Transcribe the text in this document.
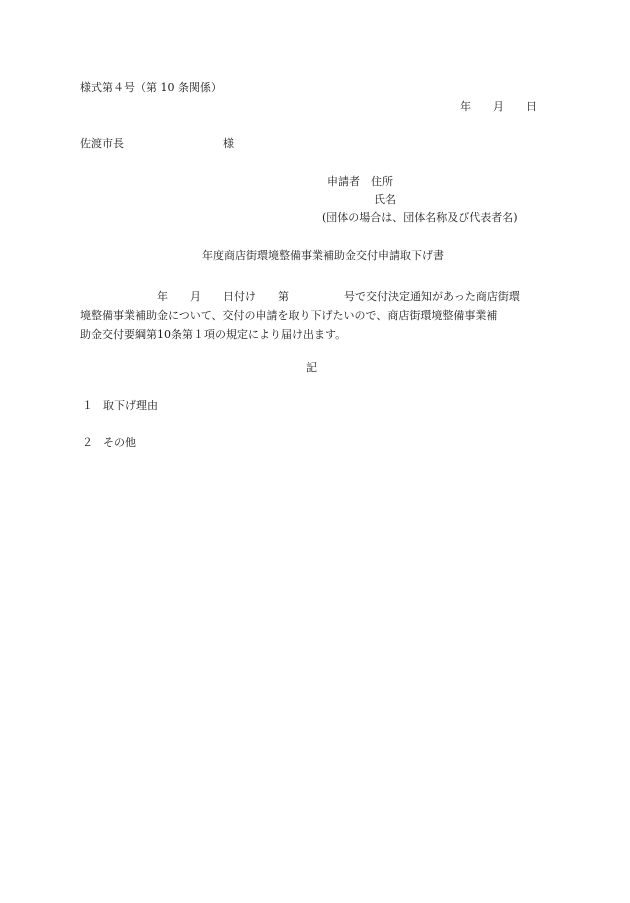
様式第４号（第 10 条関係）
年　　月　　日
佐渡市長　　　　　　　　　様
申請者　住所
氏名
(団体の場合は、団体名称及び代表者名)
年度商店街環境整備事業補助金交付申請取下げ書
　　　　　　　年　　月　　日付け　　第　　　　　号で交付決定通知があった商店街環
境整備事業補助金について、交付の申請を取り下げたいので、商店街環境整備事業補
助金交付要綱第10条第１項の規定により届け出ます。
記
１ 取下げ理由
２ その他
